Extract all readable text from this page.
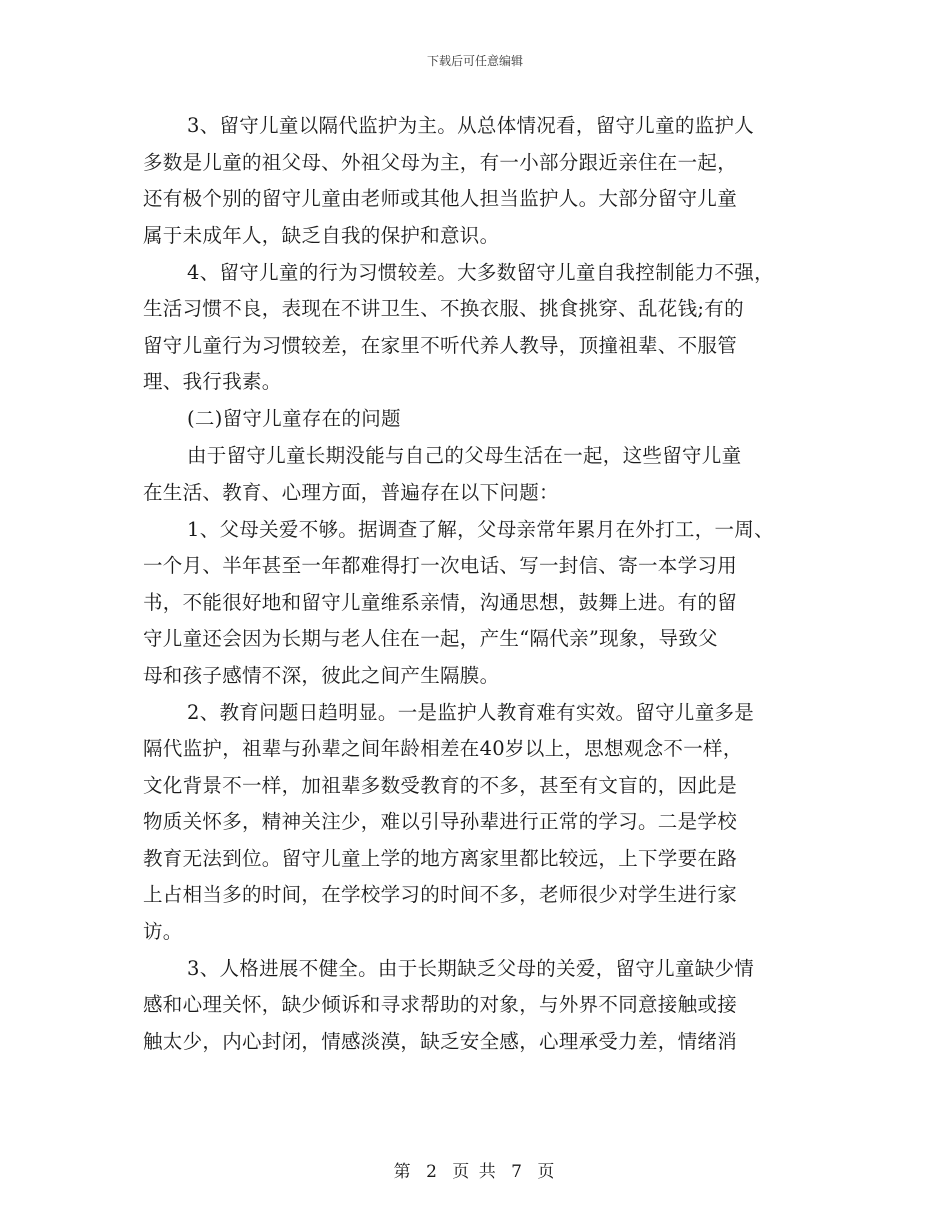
下载后可任意编辑

3、留守儿童以隔代监护为主。从总体情况看，留守儿童的监护人
多数是儿童的祖父母、外祖父母为主，有一小部分跟近亲住在一起，
还有极个别的留守儿童由老师或其他人担当监护人。大部分留守儿童
属于未成年人，缺乏自我的保护和意识。

4、留守儿童的行为习惯较差。大多数留守儿童自我控制能力不强，
生活习惯不良，表现在不讲卫生、不换衣服、挑食挑穿、乱花钱;有的
留守儿童行为习惯较差，在家里不听代养人教导，顶撞祖辈、不服管
理、我行我素。

(二)留守儿童存在的问题

由于留守儿童长期没能与自己的父母生活在一起，这些留守儿童
在生活、教育、心理方面，普遍存在以下问题：

1、父母关爱不够。据调查了解，父母亲常年累月在外打工，一周、
一个月、半年甚至一年都难得打一次电话、写一封信、寄一本学习用
书，不能很好地和留守儿童维系亲情，沟通思想，鼓舞上进。有的留
守儿童还会因为长期与老人住在一起，产生“隔代亲”现象，导致父
母和孩子感情不深，彼此之间产生隔膜。

2、教育问题日趋明显。一是监护人教育难有实效。留守儿童多是
隔代监护，祖辈与孙辈之间年龄相差在40岁以上，思想观念不一样，
文化背景不一样，加祖辈多数受教育的不多，甚至有文盲的，因此是
物质关怀多，精神关注少，难以引导孙辈进行正常的学习。二是学校
教育无法到位。留守儿童上学的地方离家里都比较远，上下学要在路
上占相当多的时间，在学校学习的时间不多，老师很少对学生进行家
访。

3、人格进展不健全。由于长期缺乏父母的关爱，留守儿童缺少情
感和心理关怀，缺少倾诉和寻求帮助的对象，与外界不同意接触或接
触太少，内心封闭，情感淡漠，缺乏安全感，心理承受力差，情绪消

第 2 页 共 7 页
